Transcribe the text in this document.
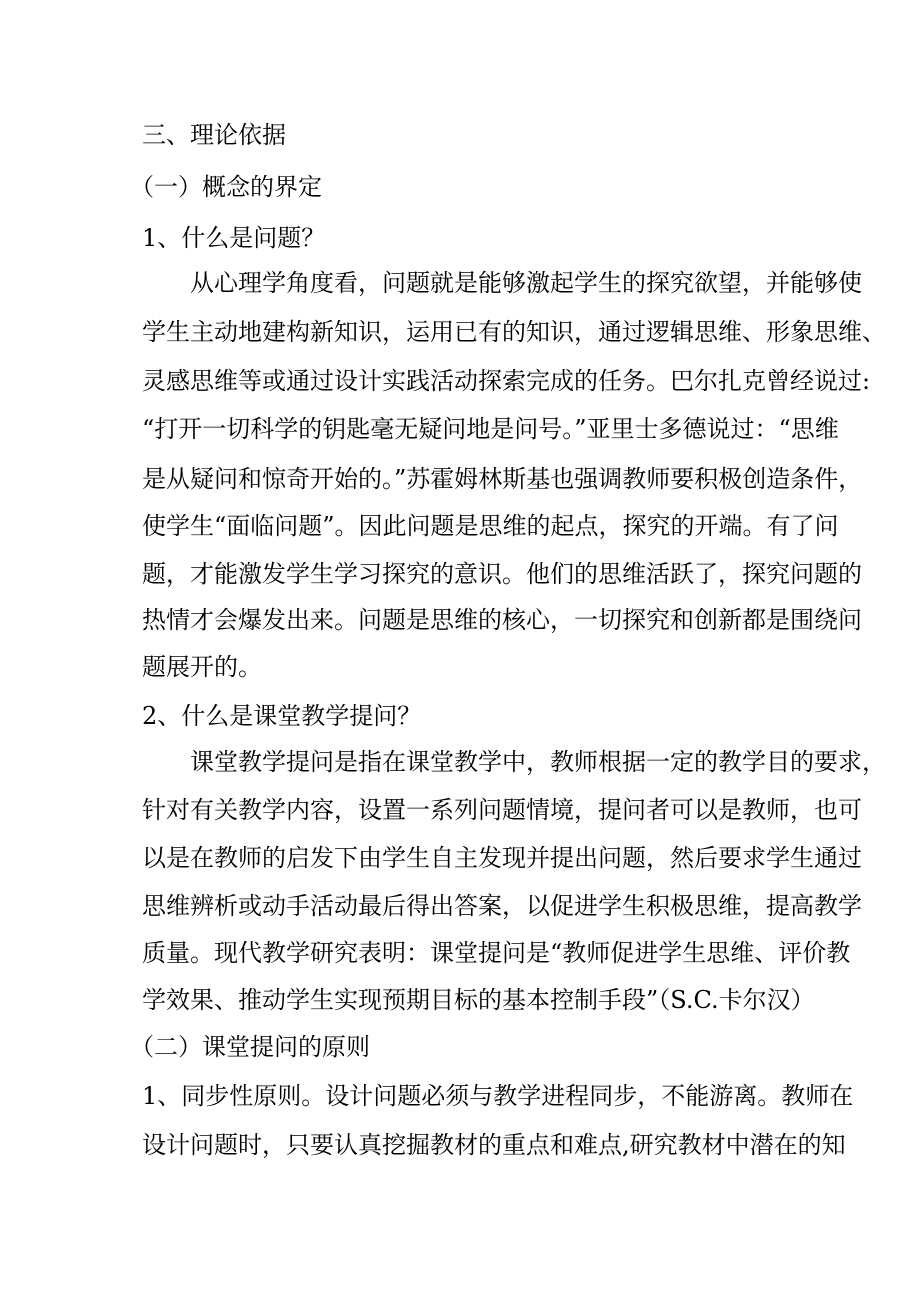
三、理论依据

（一）概念的界定

1、什么是问题？

从心理学角度看，问题就是能够激起学生的探究欲望，并能够使

学生主动地建构新知识，运用已有的知识，通过逻辑思维、形象思维、

灵感思维等或通过设计实践活动探索完成的任务。巴尔扎克曾经说过:

“打开一切科学的钥匙毫无疑问地是问号。”亚里士多德说过：“思维

是从疑问和惊奇开始的。”苏霍姆林斯基也强调教师要积极创造条件，

使学生“面临问题”。因此问题是思维的起点，探究的开端。有了问

题，才能激发学生学习探究的意识。他们的思维活跃了，探究问题的

热情才会爆发出来。问题是思维的核心，一切探究和创新都是围绕问

题展开的。

2、什么是课堂教学提问？

课堂教学提问是指在课堂教学中，教师根据一定的教学目的要求，

针对有关教学内容，设置一系列问题情境，提问者可以是教师，也可

以是在教师的启发下由学生自主发现并提出问题，然后要求学生通过

思维辨析或动手活动最后得出答案，以促进学生积极思维，提高教学

质量。现代教学研究表明：课堂提问是“教师促进学生思维、评价教

学效果、推动学生实现预期目标的基本控制手段”（S.C.卡尔汉）

（二）课堂提问的原则

1、同步性原则。设计问题必须与教学进程同步，不能游离。教师在

设计问题时，只要认真挖掘教材的重点和难点,研究教材中潜在的知
